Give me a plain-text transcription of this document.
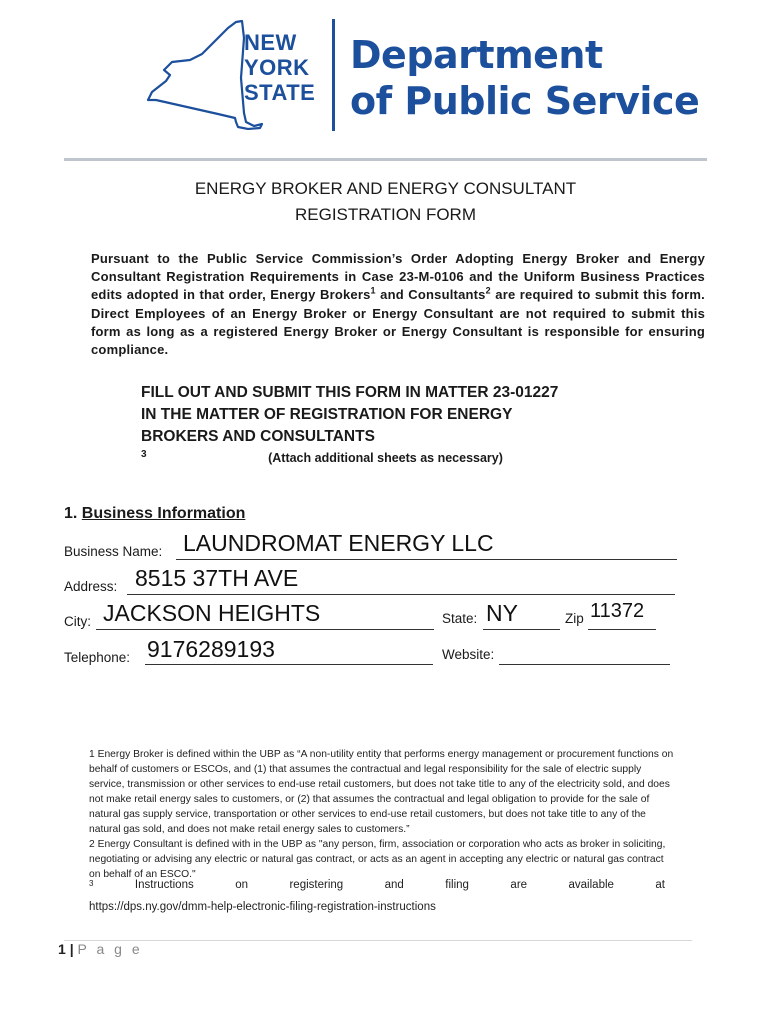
NEW
YORK
STATE
Department
of Public Service
ENERGY BROKER AND ENERGY CONSULTANT
REGISTRATION FORM
Pursuant to the Public Service Commission’s Order Adopting Energy Broker and Energy Consultant Registration Requirements in Case 23-M-0106 and the Uniform Business Practices edits adopted in that order, Energy Brokers$^1$ and Consultants$^2$ are required to submit this form. Direct Employees of an Energy Broker or Energy Consultant are not required to submit this form as long as a registered Energy Broker or Energy Consultant is responsible for ensuring compliance.
FILL OUT AND SUBMIT THIS FORM IN MATTER 23-01227
IN THE MATTER OF REGISTRATION FOR ENERGY
BROKERS AND CONSULTANTS
$^3$	(Attach additional sheets as necessary)
1. Business Information
Business Name: LAUNDROMAT ENERGY LLC
Address: 8515 37TH AVE
City: JACKSON HEIGHTS	State: NY	Zip 11372
Telephone: 9176289193	Website:

1 Energy Broker is defined within the UBP as “A non-utility entity that performs energy management or procurement functions on behalf of customers or ESCOs, and (1) that assumes the contractual and legal responsibility for the sale of electric supply service, transmission or other services to end-use retail customers, but does not take title to any of the electricity sold, and does not make retail energy sales to customers, or (2) that assumes the contractual and legal obligation to provide for the sale of natural gas supply service, transportation or other services to end-use retail customers, but does not take title to any of the natural gas sold, and does not make retail energy sales to customers.”

2 Energy Consultant is defined with in the UBP as "any person, firm, association or corporation who acts as broker in soliciting, negotiating or advising any electric or natural gas contract, or acts as an agent in accepting any electric or natural gas contract on behalf of an ESCO."

3	Instructions	on	registering	and	filing	are	available	at
https://dps.ny.gov/dmm-help-electronic-filing-registration-instructions
1 | P a g e
